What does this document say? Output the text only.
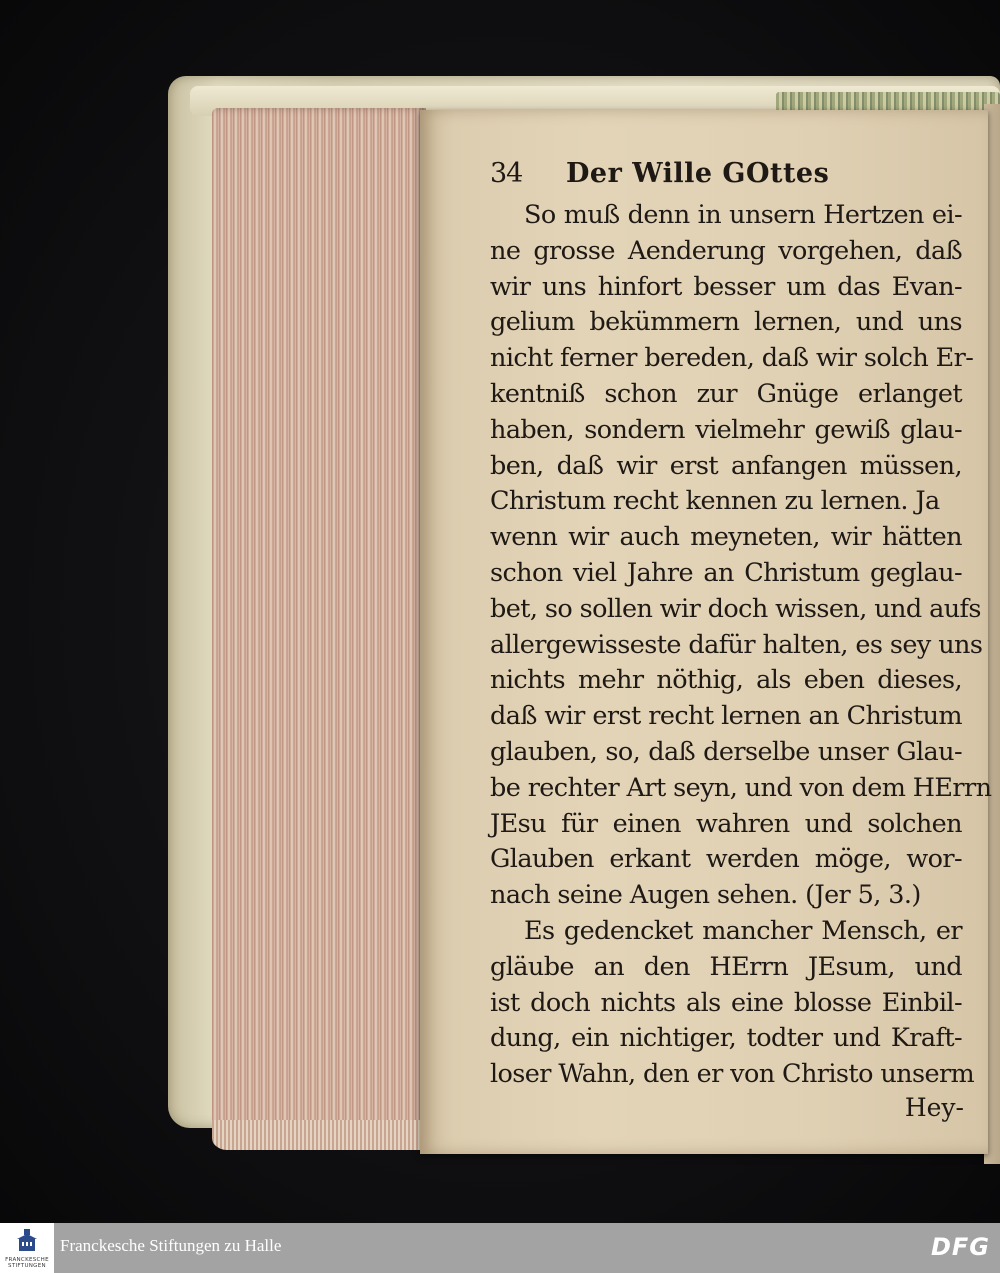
34	Der Wille GOttes
So muß denn in unsern Hertzen ei-
ne grosse Aenderung vorgehen, daß
wir uns hinfort besser um das Evan-
gelium bekümmern lernen, und uns
nicht ferner bereden, daß wir solch Er-
kentniß schon zur Gnüge erlanget
haben, sondern vielmehr gewiß glau-
ben, daß wir erst anfangen müssen,
Christum recht kennen zu lernen. Ja
wenn wir auch meyneten, wir hätten
schon viel Jahre an Christum geglau-
bet, so sollen wir doch wissen, und aufs
allergewisseste dafür halten, es sey uns
nichts mehr nöthig, als eben dieses,
daß wir erst recht lernen an Christum
glauben, so, daß derselbe unser Glau-
be rechter Art seyn, und von dem HErrn
JEsu für einen wahren und solchen
Glauben erkant werden möge, wor-
nach seine Augen sehen. (Jer 5, 3.)
Es gedencket mancher Mensch, er
gläube an den HErrn JEsum, und
ist doch nichts als eine blosse Einbil-
dung, ein nichtiger, todter und Kraft-
loser Wahn, den er von Christo unserm
Hey-
FRANCKESCHE STIFTUNGEN
Franckesche Stiftungen zu Halle	DFG
